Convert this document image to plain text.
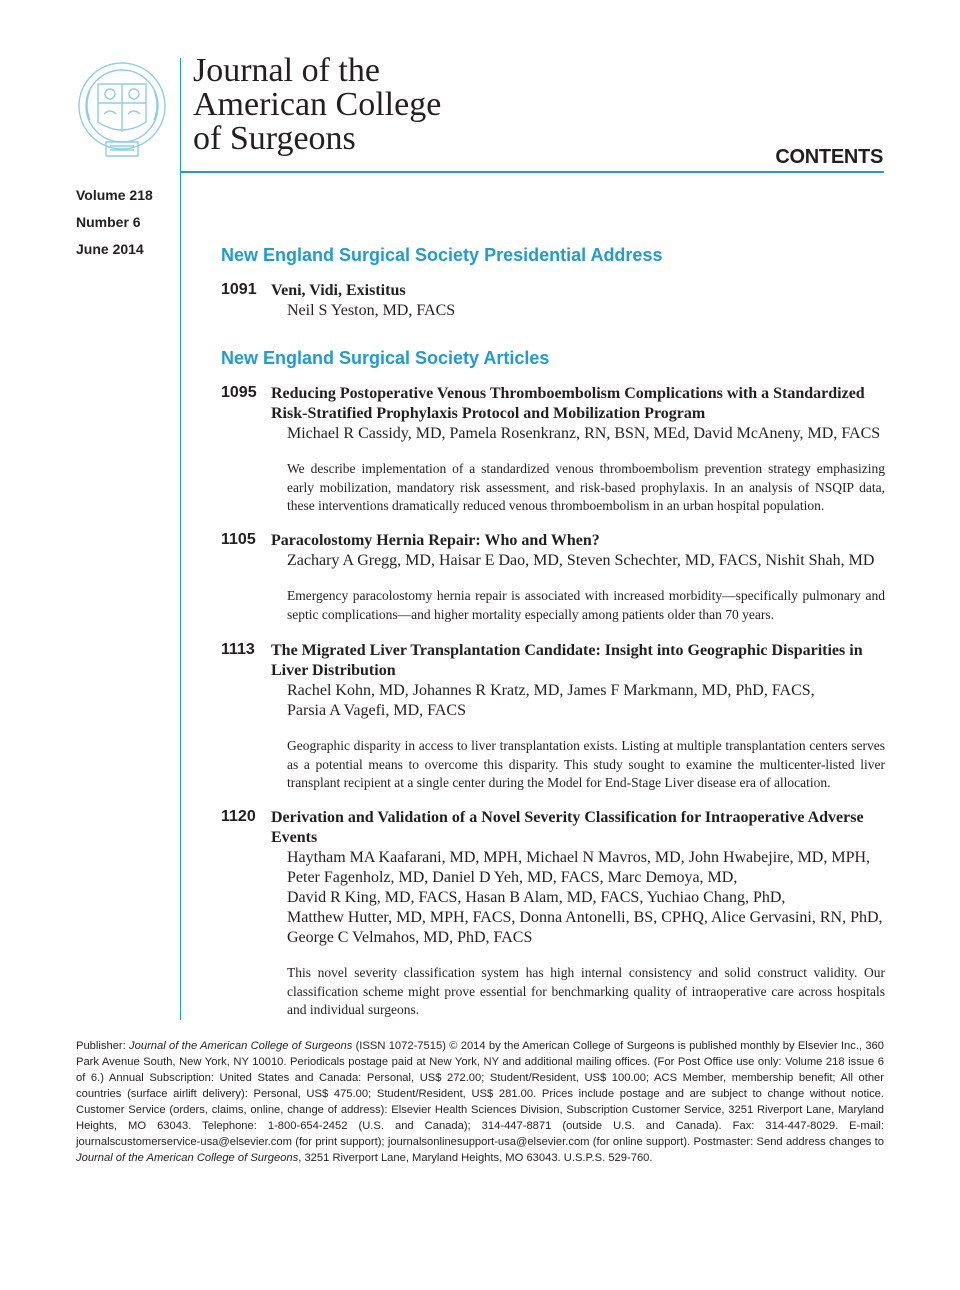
Journal of the
American College
of Surgeons	CONTENTS
Volume 218
Number 6
June 2014	New England Surgical Society Presidential Address
1091 Veni, Vidi, Existitus
Neil S Yeston, MD, FACS
New England Surgical Society Articles
1095 Reducing Postoperative Venous Thromboembolism Complications with a Standardized Risk-Stratified Prophylaxis Protocol and Mobilization Program
Michael R Cassidy, MD, Pamela Rosenkranz, RN, BSN, MEd, David McAneny, MD, FACS
We describe implementation of a standardized venous thromboembolism prevention strategy emphasizing early mobilization, mandatory risk assessment, and risk-based prophylaxis. In an analysis of NSQIP data, these interventions dramatically reduced venous thromboembolism in an urban hospital population.
1105 Paracolostomy Hernia Repair: Who and When?
Zachary A Gregg, MD, Haisar E Dao, MD, Steven Schechter, MD, FACS, Nishit Shah, MD
Emergency paracolostomy hernia repair is associated with increased morbidity—specifically pulmonary and septic complications—and higher mortality especially among patients older than 70 years.
1113 The Migrated Liver Transplantation Candidate: Insight into Geographic Disparities in Liver Distribution
Rachel Kohn, MD, Johannes R Kratz, MD, James F Markmann, MD, PhD, FACS,
Parsia A Vagefi, MD, FACS
Geographic disparity in access to liver transplantation exists. Listing at multiple transplantation centers serves as a potential means to overcome this disparity. This study sought to examine the multicenter-listed liver transplant recipient at a single center during the Model for End-Stage Liver disease era of allocation.
1120 Derivation and Validation of a Novel Severity Classification for Intraoperative Adverse Events
Haytham MA Kaafarani, MD, MPH, Michael N Mavros, MD, John Hwabejire, MD, MPH,
Peter Fagenholz, MD, Daniel D Yeh, MD, FACS, Marc Demoya, MD,
David R King, MD, FACS, Hasan B Alam, MD, FACS, Yuchiao Chang, PhD,
Matthew Hutter, MD, MPH, FACS, Donna Antonelli, BS, CPHQ, Alice Gervasini, RN, PhD,
George C Velmahos, MD, PhD, FACS
This novel severity classification system has high internal consistency and solid construct validity. Our classification scheme might prove essential for benchmarking quality of intraoperative care across hospitals and individual surgeons.
Publisher: Journal of the American College of Surgeons (ISSN 1072-7515) © 2014 by the American College of Surgeons is published monthly by Elsevier Inc., 360 Park Avenue South, New York, NY 10010. Periodicals postage paid at New York, NY and additional mailing offices. (For Post Office use only: Volume 218 issue 6 of 6.) Annual Subscription: United States and Canada: Personal, US$ 272.00; Student/Resident, US$ 100.00; ACS Member, membership benefit; All other countries (surface airlift delivery): Personal, US$ 475.00; Student/Resident, US$ 281.00. Prices include postage and are subject to change without notice. Customer Service (orders, claims, online, change of address): Elsevier Health Sciences Division, Subscription Customer Service, 3251 Riverport Lane, Maryland Heights, MO 63043. Telephone: 1-800-654-2452 (U.S. and Canada); 314-447-8871 (outside U.S. and Canada). Fax: 314-447-8029. E-mail: journalscustomerservice-usa@elsevier.com (for print support); journalsonlinesupport-usa@elsevier.com (for online support). Postmaster: Send address changes to Journal of the American College of Surgeons, 3251 Riverport Lane, Maryland Heights, MO 63043. U.S.P.S. 529-760.
